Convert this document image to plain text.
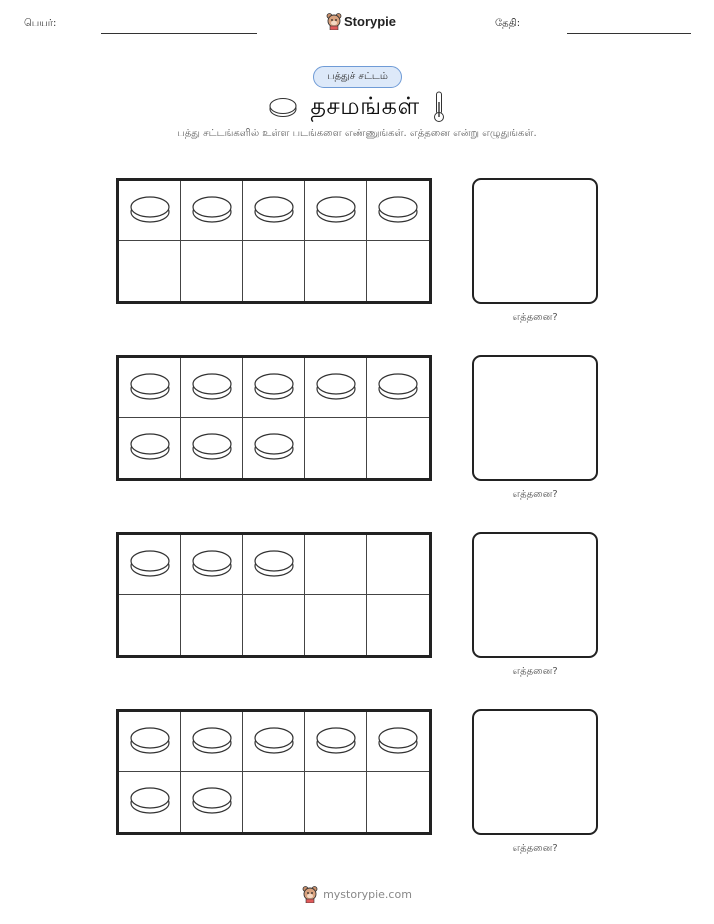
பெயர்:	Storypie	தேதி:
பத்துச் சட்டம்
தசமங்கள்
பத்து சட்டங்களில் உள்ள படங்களை எண்ணுங்கள். எத்தனை என்று எழுதுங்கள்.
எத்தனை?
எத்தனை?
எத்தனை?
எத்தனை?
mystorypie.com
